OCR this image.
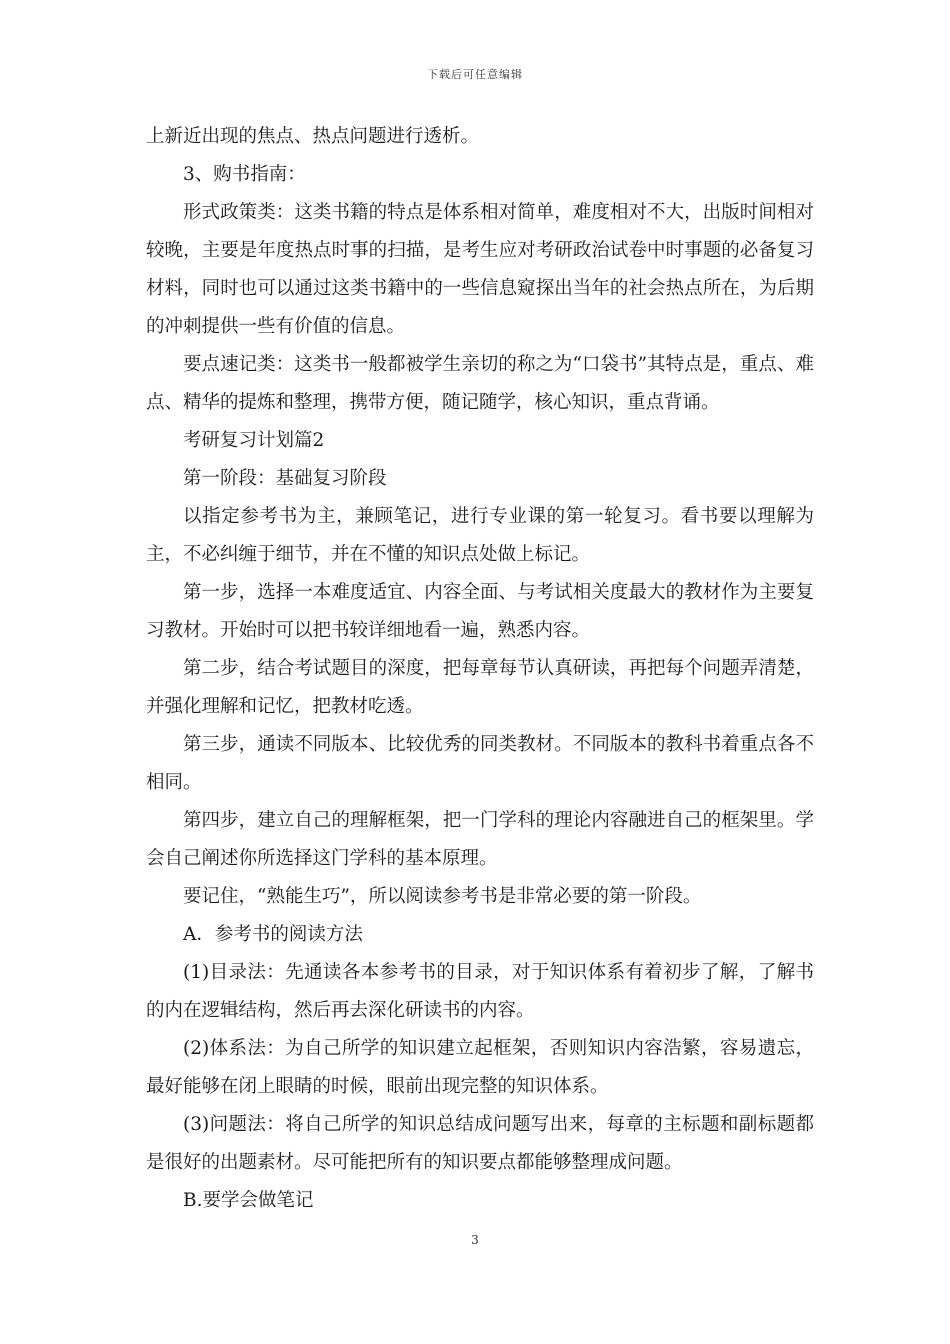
下载后可任意编辑

上新近出现的焦点、热点问题进行透析。

3、购书指南：

形式政策类：这类书籍的特点是体系相对简单，难度相对不大，出版时间相对较晚，主要是年度热点时事的扫描，是考生应对考研政治试卷中时事题的必备复习材料，同时也可以通过这类书籍中的一些信息窥探出当年的社会热点所在，为后期的冲刺提供一些有价值的信息。

要点速记类：这类书一般都被学生亲切的称之为“口袋书”其特点是，重点、难点、精华的提炼和整理，携带方便，随记随学，核心知识，重点背诵。

考研复习计划篇2

第一阶段：基础复习阶段

以指定参考书为主，兼顾笔记，进行专业课的第一轮复习。看书要以理解为主，不必纠缠于细节，并在不懂的知识点处做上标记。

第一步，选择一本难度适宜、内容全面、与考试相关度最大的教材作为主要复习教材。开始时可以把书较详细地看一遍，熟悉内容。

第二步，结合考试题目的深度，把每章每节认真研读，再把每个问题弄清楚，并强化理解和记忆，把教材吃透。

第三步，通读不同版本、比较优秀的同类教材。不同版本的教科书着重点各不相同。

第四步，建立自己的理解框架，把一门学科的理论内容融进自己的框架里。学会自己阐述你所选择这门学科的基本原理。

要记住，“熟能生巧”，所以阅读参考书是非常必要的第一阶段。

A．参考书的阅读方法

(1)目录法：先通读各本参考书的目录，对于知识体系有着初步了解，了解书的内在逻辑结构，然后再去深化研读书的内容。

(2)体系法：为自己所学的知识建立起框架，否则知识内容浩繁，容易遗忘，最好能够在闭上眼睛的时候，眼前出现完整的知识体系。

(3)问题法：将自己所学的知识总结成问题写出来，每章的主标题和副标题都是很好的出题素材。尽可能把所有的知识要点都能够整理成问题。

B.要学会做笔记

3
